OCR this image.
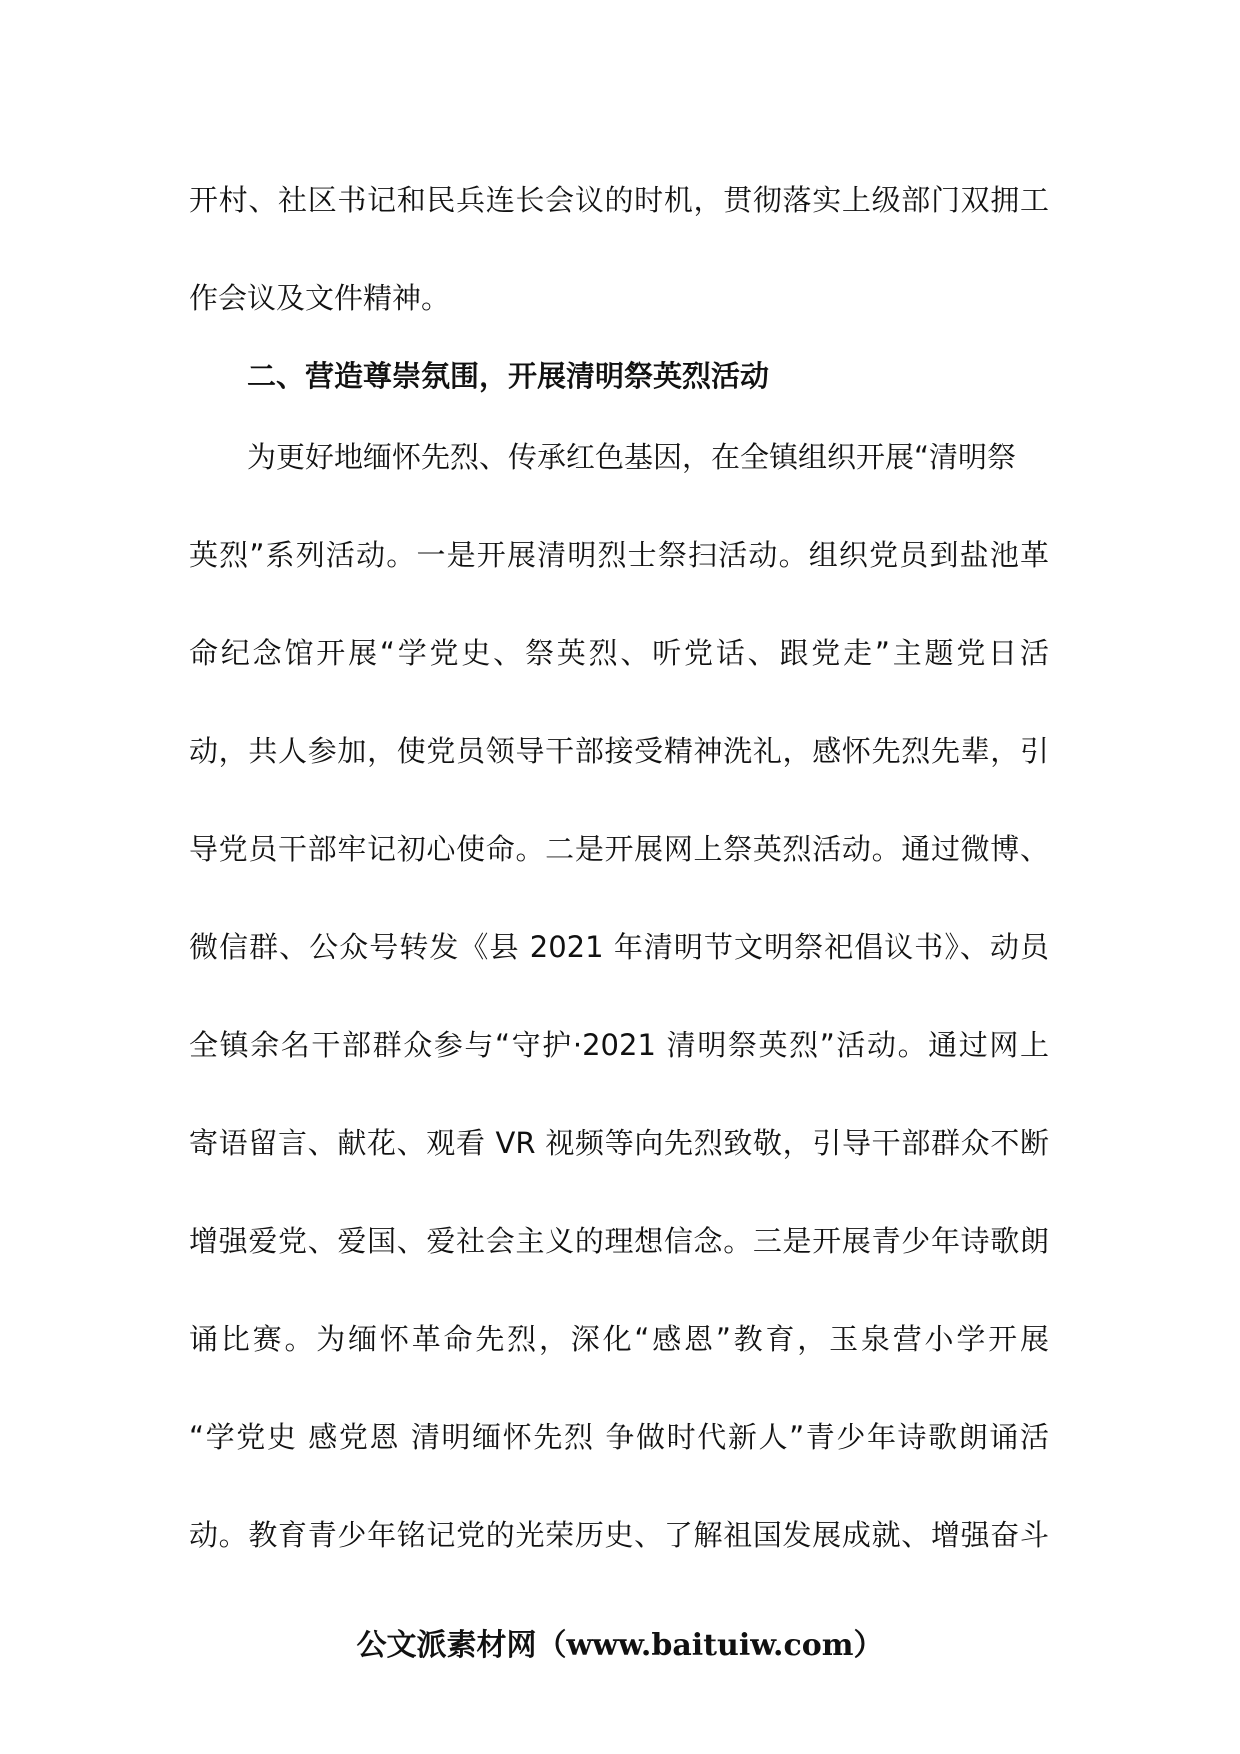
开村、社区书记和民兵连长会议的时机，贯彻落实上级部门双拥工
作会议及文件精神。
二、营造尊崇氛围，开展清明祭英烈活动
为更好地缅怀先烈、传承红色基因，在全镇组织开展“清明祭
英烈”系列活动。一是开展清明烈士祭扫活动。组织党员到盐池革
命纪念馆开展“学党史、祭英烈、听党话、跟党走”主题党日活
动，共人参加，使党员领导干部接受精神洗礼，感怀先烈先辈，引
导党员干部牢记初心使命。二是开展网上祭英烈活动。通过微博、
微信群、公众号转发《县 2021 年清明节文明祭祀倡议书》、动员
全镇余名干部群众参与“守护·2021 清明祭英烈”活动。通过网上
寄语留言、献花、观看 VR 视频等向先烈致敬，引导干部群众不断
增强爱党、爱国、爱社会主义的理想信念。三是开展青少年诗歌朗
诵比赛。为缅怀革命先烈，深化“感恩”教育，玉泉营小学开展
“学党史 感党恩 清明缅怀先烈 争做时代新人”青少年诗歌朗诵活
动。教育青少年铭记党的光荣历史、了解祖国发展成就、增强奋斗
公文派素材网（www.baituiw.com）
